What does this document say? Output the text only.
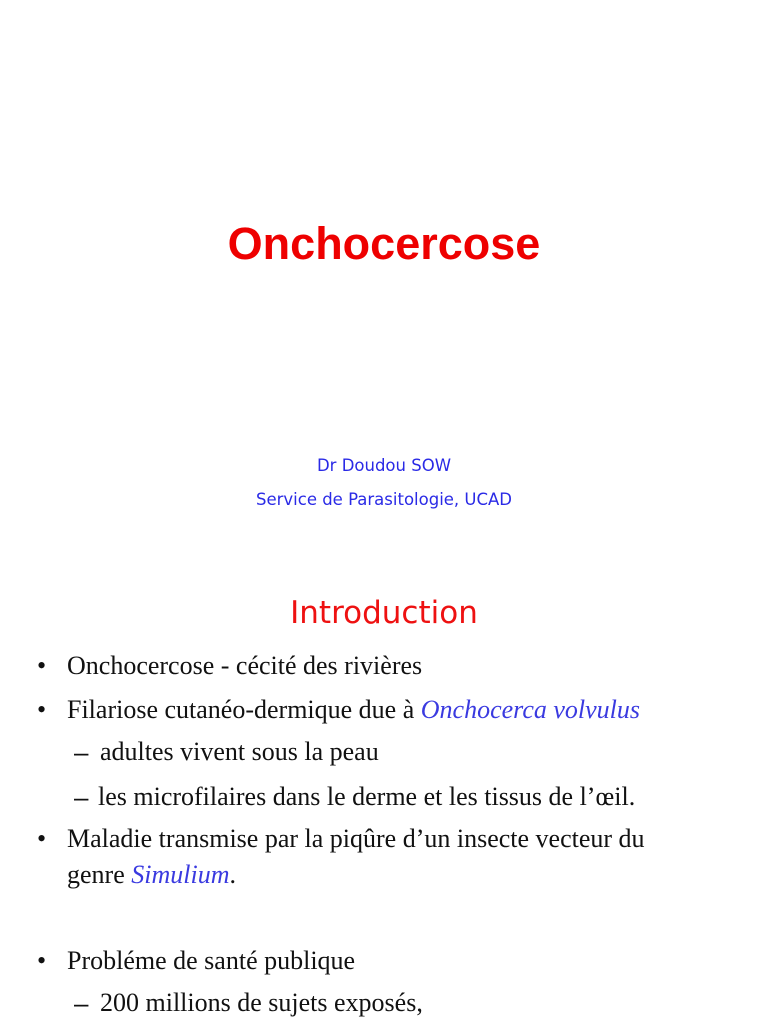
Onchocercose
Dr Doudou SOW
Service de Parasitologie, UCAD
Introduction
• Onchocercose - cécité des rivières
• Filariose cutanéo-dermique due à Onchocerca volvulus
– adultes vivent sous la peau
– les microfilaires dans le derme et les tissus de l’œil.
• Maladie transmise par la piqûre d’un insecte vecteur du
genre Simulium.
• Probléme de santé publique
– 200 millions de sujets exposés,
